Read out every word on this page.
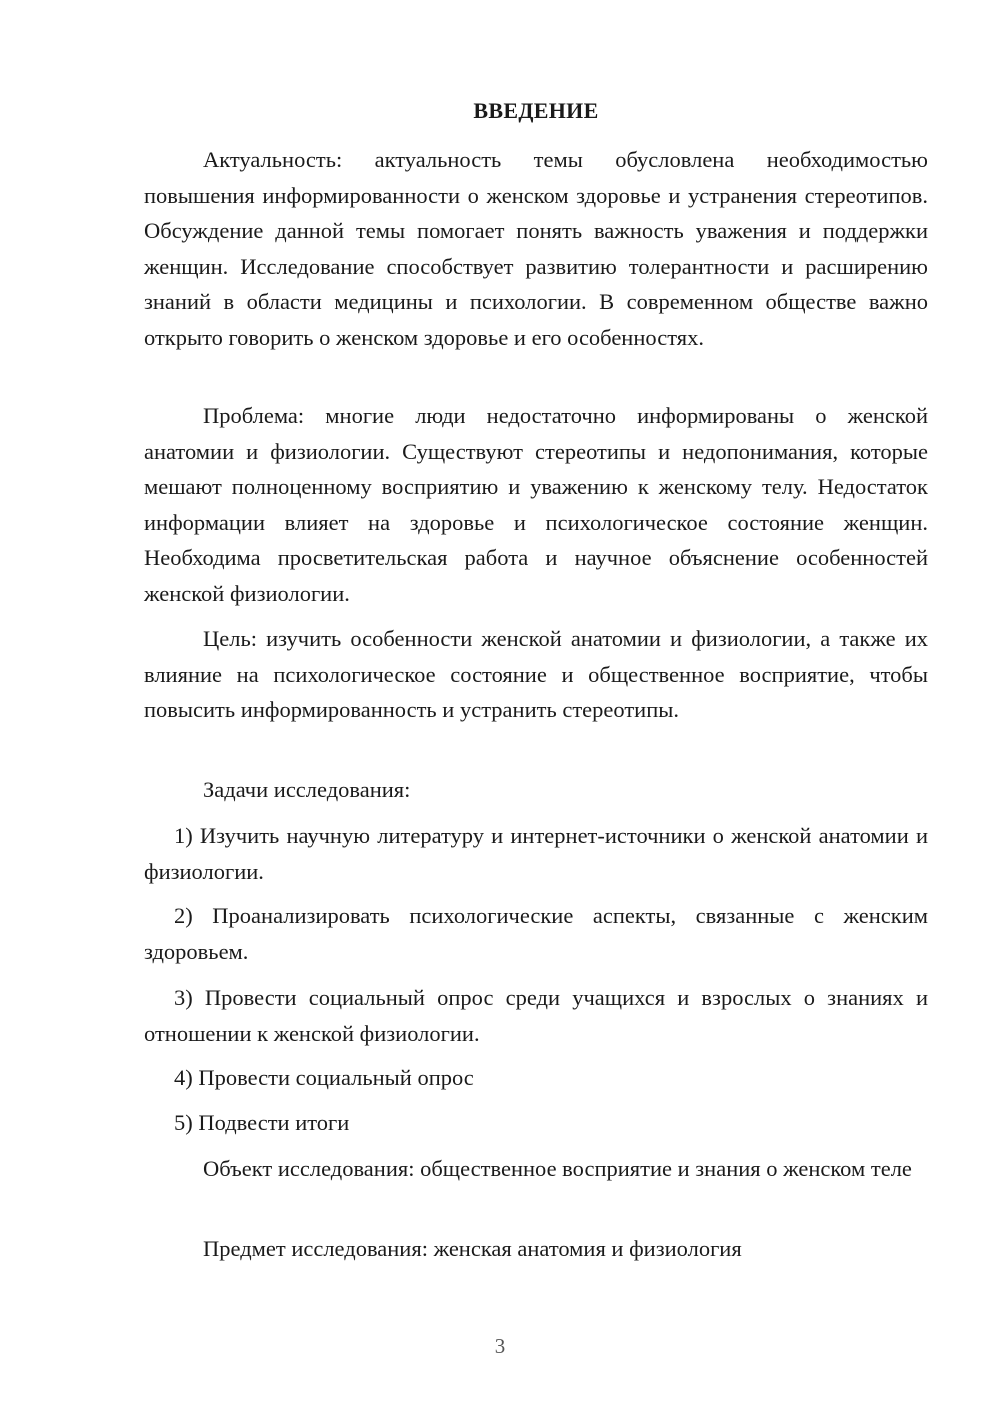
ВВЕДЕНИЕ

Актуальность: актуальность темы обусловлена необходимостью повышения информированности о женском здоровье и устранения стереотипов. Обсуждение данной темы помогает понять важность уважения и поддержки женщин. Исследование способствует развитию толерантности и расширению знаний в области медицины и психологии. В современном обществе важно открыто говорить о женском здоровье и его особенностях.

Проблема: многие люди недостаточно информированы о женской анатомии и физиологии. Существуют стереотипы и недопонимания, которые мешают полноценному восприятию и уважению к женскому телу. Недостаток информации влияет на здоровье и психологическое состояние женщин. Необходима просветительская работа и научное объяснение особенностей женской физиологии.

Цель: изучить особенности женской анатомии и физиологии, а также их влияние на психологическое состояние и общественное восприятие, чтобы повысить информированность и устранить стереотипы.

Задачи исследования:

1) Изучить научную литературу и интернет-источники о женской анатомии и физиологии.

2) Проанализировать психологические аспекты, связанные с женским здоровьем.

3) Провести социальный опрос среди учащихся и взрослых о знаниях и отношении к женской физиологии.

4) Провести социальный опрос

5) Подвести итоги

Объект исследования: общественное восприятие и знания о женском теле

Предмет исследования: женская анатомия и физиология

3
